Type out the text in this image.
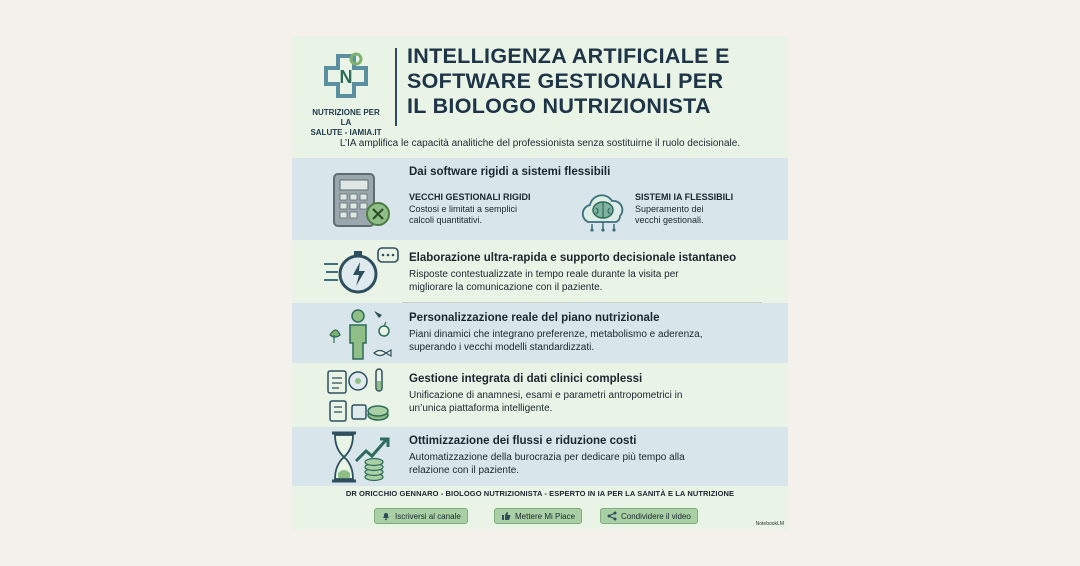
N
NUTRIZIONE PER LA
SALUTE - IAMIA.IT
INTELLIGENZA ARTIFICIALE E
SOFTWARE GESTIONALI PER
IL BIOLOGO NUTRIZIONISTA
L’IA amplifica le capacità analitiche del professionista senza sostituirne il ruolo decisionale.
Dai software rigidi a sistemi flessibili
VECCHI GESTIONALI RIGIDI
Costosi e limitati a semplici
calcoli quantitativi.
SISTEMI IA FLESSIBILI
Superamento dei
vecchi gestionali.
Elaborazione ultra-rapida e supporto decisionale istantaneo
Risposte contestualizzate in tempo reale durante la visita per
migliorare la comunicazione con il paziente.
Personalizzazione reale del piano nutrizionale
Piani dinamici che integrano preferenze, metabolismo e aderenza,
superando i vecchi modelli standardizzati.
Gestione integrata di dati clinici complessi
Unificazione di anamnesi, esami e parametri antropometrici in
un’unica piattaforma intelligente.
Ottimizzazione dei flussi e riduzione costi
Automatizzazione della burocrazia per dedicare più tempo alla
relazione con il paziente.
DR ORICCHIO GENNARO - BIOLOGO NUTRIZIONISTA - ESPERTO IN IA PER LA SANITÀ E LA NUTRIZIONE
Iscriversi al canale	Mettere Mi Piace	Condividere il video
NotebookLM
